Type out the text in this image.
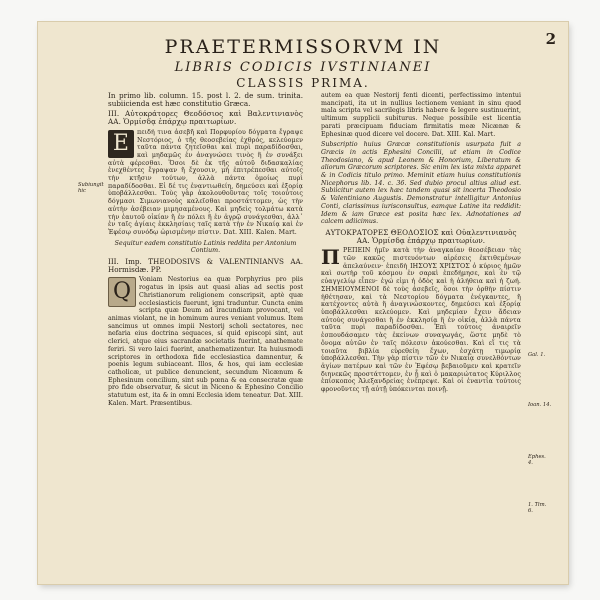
2
PRAETERMISSORVM IN
LIBRIS CODICIS IVSTINIANEI
CLASSIS PRIMA.
In primo lib. column. 15. post l. 2. de sum. trinita. subiicienda est hæc constitutio Græca.
III. Αὐτοκράτορες Θεοδόσιος καὶ Βαλεντινιανὸς ΑΑ. Ὁρμίσδᾳ ἐπάρχῳ πραιτωρίων.
E	πειδή τινα ἀσεβῆ καὶ Πορφυρίου δόγματα ἔγραψε Νεστόριος, ὁ τῆς θεοσεβείας ἐχθρός, κελεύομεν ταῦτα πάντα ζητεῖσθαι καὶ πυρὶ παραδίδοσθαι, καὶ μηδαμῶς ἐν ἀναγνώσει τινὸς ἢ ἐν συνάξει αὐτὰ φέρεσθαι. Ὅσοι δὲ ἐκ τῆς αὐτοῦ διδασκαλίας ἐνεχθέντες ἔγραψαν ἢ ἔχουσιν, μὴ ἐπιτρέπεσθαι αὐτοῖς τὴν κτῆσιν τούτων, ἀλλὰ πάντα ὁμοίως πυρὶ παραδίδοσθαι. Εἰ δέ τις ἐναντιωθείη, δημεύσει καὶ ἐξορίᾳ ὑποβάλλεσθαι. Τοὺς γὰρ ἀκολουθοῦντας τοῖς τοιούτοις δόγμασι Σιμωνιανοὺς καλεῖσθαι προστάττομεν, ὡς τὴν αὐτὴν ἀσέβειαν μιμησαμένους. Καὶ μηδεὶς τολμάτω κατὰ τὴν ἑαυτοῦ οἰκίαν ἢ ἐν πόλει ἢ ἐν ἀγρῷ συνάγεσθαι, ἀλλ᾽ ἐν ταῖς ἁγίαις ἐκκλησίαις ταῖς κατὰ τὴν ἐν Νικαίᾳ καὶ ἐν Ἐφέσῳ συνόδῳ ὡρισμένην πίστιν. Dat. XIII. Kalen. Mart.
Sequitur eadem constitutio Latinis reddita per Antonium Contium.
III. Imp. THEODOSIVS & VALENTINIANVS AA. Hormisdæ. PP.
Q	Voniam Nestorius ea quæ Porphyrius pro piis rogatus in ipsis aut quasi alias ad sectis post Christianorum religionem conscripsit, aptè quæ ecclesiasticis fuerunt, igni traduntur. Cuncta enim scripta quæ Deum ad iracundiam provocant, vel animas violant, ne in hominum aures veniant volumus. Item sancimus ut omnes impii Nestorij scholi sectatores, nec nefaria eius doctrina sequaces, si quid episcopi sint, aut clerici, atque eius sacrandæ societatis fuerint, anathemate feriri. Si vero laici fuerint, anathematizentur. Ita huiusmodi scriptores in orthodoxa fide ecclesiastica damnentur, & poenis legum subiaceant. Illos, & hos, qui iam ecclesiæ catholicæ, ut publice denuncient, secundum Nicænum & Ephesinum concilium, sint sub pœna & ea consecratæ quæ pro fide observatur, & sicut in Niceno & Ephesino Concilio statutum est, ita & in omni Ecclesia idem teneatur. Dat. XIII. Kalen. Mart. Præsentibus.
Subiungit hic
autem ea quæ Nestorij fenti dicenti, perfectissimo intentui mancipati, ita ut in nullius lectionem veniant in sinu quod mala scripta vel sacrilegis libris habere & legere sustinuerint, ultimum supplicii subiturus. Neque possibile est licentia parati præcipuam fiduciam firmitatis meæ Nicænæ & Ephesinæ quod dicere vel docere. Dat. XIII. Kal. Mart.
Subscriptio huius Græcæ constitutionis usurpata fuit a Græcis in actis Ephesini Concilii, ut etiam in Codice Theodosiano, & apud Leonem & Honorium, Liberatum & aliorum Græcorum scriptores. Sic enim lex ista mixta apparet & in Codicis titulo primo. Meminit etiam huius constitutionis Nicephorus lib. 14. c. 36. Sed dubio procul altius aliud est. Subiicitur autem lex hæc tandem quasi sit incerta Theodosio & Valentiniano Augustis. Demonstratur intelligitur Antonius Conti, clarissimus iurisconsultus, eamque Latine ita reddidit: Idem & iam Græce est posita hæc lex. Adnotationes ad calcem adiicimus.
ΑΥΤΟΚΡΑΤΟΡΕΣ ΘΕΟΔΟΣΙΟΣ καὶ Οὐαλεντινιανὸς ΑΑ. Ὁρμίσδᾳ ἐπάρχῳ πραιτωρίων.
Π ΡΕΠΕΙΝ ἡμῖν κατὰ τὴν ἀναγκαίαν θεοσέβειαν τὰς τῶν κακῶς πιστευόντων αἱρέσεις ἐκτιθεμένων ἀπελαύνειν· ἐπειδὴ ΙΗΣΟΥΣ ΧΡΙΣΤΟΣ ὁ κύριος ἡμῶν καὶ σωτὴρ τοῦ κόσμου ἐν σαρκὶ ἐπεδήμησε, καὶ ἐν τῷ εὐαγγελίῳ εἶπεν· ἐγώ εἰμι ἡ ὁδὸς καὶ ἡ ἀλήθεια καὶ ἡ ζωή. ΣΗΜΕΙΟΥΜΕΝΟΙ δὲ τοὺς ἀσεβεῖς, ὅσοι τὴν ὀρθὴν πίστιν ἠθέτησαν, καὶ τὰ Νεστορίου δόγματα ἐνέγκαντες, ἢ κατέχοντες αὐτὰ ἢ ἀναγινώσκοντες, δημεύσει καὶ ἐξορίᾳ ὑποβάλλεσθαι κελεύομεν. Καὶ μηδεμίαν ἔχειν ἄδειαν αὐτοὺς συνάγεσθαι ἢ ἐν ἐκκλησίᾳ ἢ ἐν οἰκίᾳ, ἀλλὰ πάντα ταῦτα πυρὶ παραδίδοσθαι. Ἐπὶ τούτοις ἀναιρεῖν ἐσπουδάσαμεν τὰς ἐκείνων συναγωγάς, ὥστε μηδὲ τὸ ὄνομα αὐτῶν ἐν ταῖς πόλεσιν ἀκούεσθαι. Καὶ εἴ τις τὰ τοιαῦτα βιβλία εὑρεθείη ἔχων, ἐσχάτῃ τιμωρίᾳ ὑποβάλλεσθαι. Τὴν γὰρ πίστιν τῶν ἐν Νικαίᾳ συνελθόντων ἁγίων πατέρων καὶ τῶν ἐν Ἐφέσῳ βεβαιοῦμεν καὶ κρατεῖν διηνεκῶς προστάττομεν, ἐν ᾗ καὶ ὁ μακαριώτατος Κύριλλος ἐπίσκοπος Ἀλεξανδρείας ἐνέπρεψε. Καὶ οἱ ἐναντία τούτοις φρονοῦντες τῇ αὐτῇ ὑπόκεινται ποινῇ.
Gal. 1.
Ioan. 14.
Ephes. 4.
1. Tim. 6.
